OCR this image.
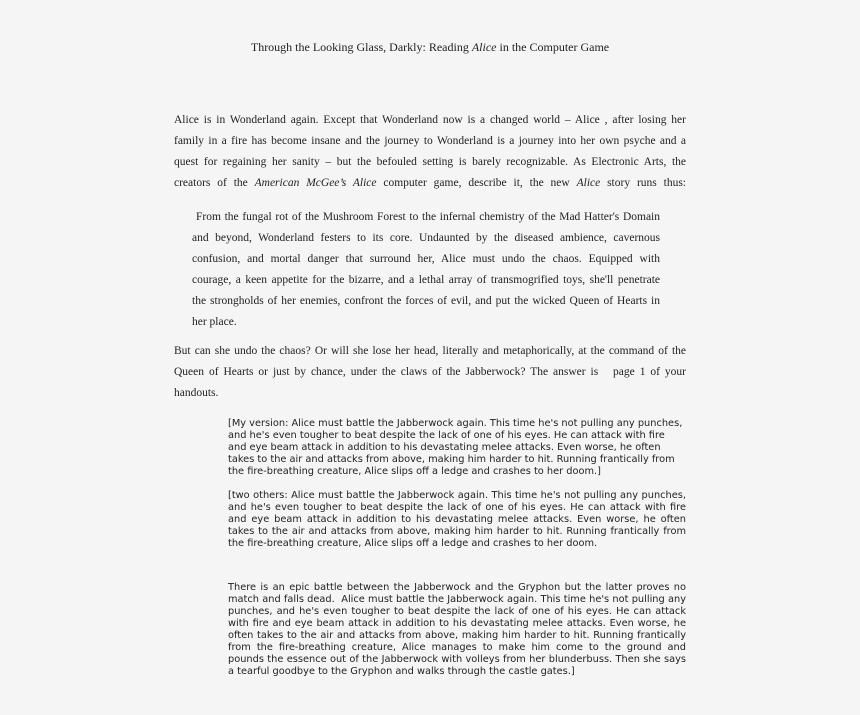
Through the Looking Glass, Darkly: Reading Alice in the Computer Game
Alice is in Wonderland again. Except that Wonderland now is a changed world – Alice , after losing her
family in a fire has become insane and the journey to Wonderland is a journey into her own psyche and a
quest for regaining her sanity – but the befouled setting is barely recognizable. As Electronic Arts, the
creators of the American McGee’s Alice computer game, describe it, the new Alice story runs thus:
From the fungal rot of the Mushroom Forest to the infernal chemistry of the Mad Hatter's Domain
and beyond, Wonderland festers to its core. Undaunted by the diseased ambience, cavernous
confusion, and mortal danger that surround her, Alice must undo the chaos. Equipped with
courage, a keen appetite for the bizarre, and a lethal array of transmogrified toys, she'll penetrate
the strongholds of her enemies, confront the forces of evil, and put the wicked Queen of Hearts in
her place.
But can she undo the chaos? Or will she lose her head, literally and metaphorically, at the command of the
Queen of Hearts or just by chance, under the claws of the Jabberwock? The answer is   page 1 of your
handouts.
[My version: Alice must battle the Jabberwock again. This time he's not pulling any punches,
and he's even tougher to beat despite the lack of one of his eyes. He can attack with fire
and eye beam attack in addition to his devastating melee attacks. Even worse, he often
takes to the air and attacks from above, making him harder to hit. Running frantically from
the fire-breathing creature, Alice slips off a ledge and crashes to her doom.]
[two others: Alice must battle the Jabberwock again. This time he's not pulling any punches,
and he's even tougher to beat despite the lack of one of his eyes. He can attack with fire
and eye beam attack in addition to his devastating melee attacks. Even worse, he often
takes to the air and attacks from above, making him harder to hit. Running frantically from
the fire-breathing creature, Alice slips off a ledge and crashes to her doom.
There is an epic battle between the Jabberwock and the Gryphon but the latter proves no
match and falls dead.  Alice must battle the Jabberwock again. This time he's not pulling any
punches, and he's even tougher to beat despite the lack of one of his eyes. He can attack
with fire and eye beam attack in addition to his devastating melee attacks. Even worse, he
often takes to the air and attacks from above, making him harder to hit. Running frantically
from the fire-breathing creature, Alice manages to make him come to the ground and
pounds the essence out of the Jabberwock with volleys from her blunderbuss. Then she says
a tearful goodbye to the Gryphon and walks through the castle gates.]
